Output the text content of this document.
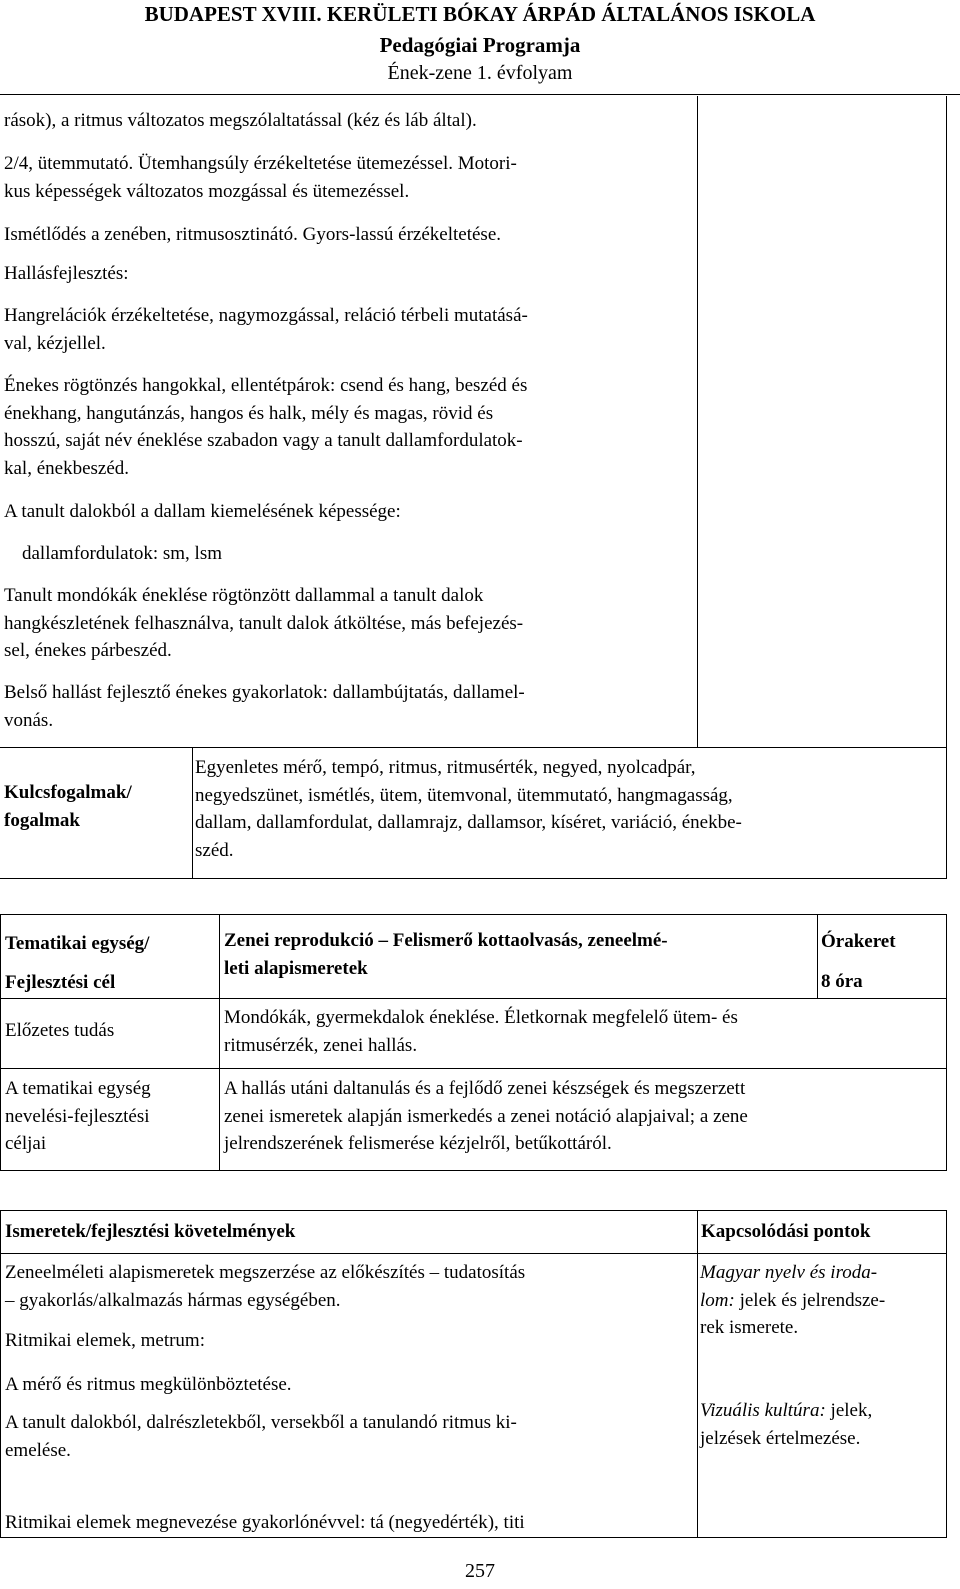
BUDAPEST XVIII. KERÜLETI BÓKAY ÁRPÁD ÁLTALÁNOS ISKOLA
Pedagógiai Programja
Ének-zene 1. évfolyam
rások), a ritmus változatos megszólaltatással (kéz és láb által).

2/4, ütemmutató. Ütemhangsúly érzékeltetése ütemezéssel. Motori-

kus képességek változatos mozgással és ütemezéssel.

Ismétlődés a zenében, ritmusosztinátó. Gyors-lassú érzékeltetése.
Hallásfejlesztés:

Hangrelációk érzékeltetése, nagymozgással, reláció térbeli mutatásá-

val, kézjellel.

Énekes rögtönzés hangokkal, ellentétpárok: csend és hang, beszéd és

énekhang, hangutánzás, hangos és halk, mély és magas, rövid és

hosszú, saját név éneklése szabadon vagy a tanult dallamfordulatok-

kal, énekbeszéd.

A tanult dalokból a dallam kiemelésének képessége:
dallamfordulatok: sm, lsm

Tanult mondókák éneklése rögtönzött dallammal a tanult dalok

hangkészletének felhasználva, tanult dalok átköltése, más befejezés-

sel, énekes párbeszéd.

Belső hallást fejlesztő énekes gyakorlatok: dallambújtatás, dallamel-

vonás.

Kulcsfogalmak/

fogalmak

Egyenletes mérő, tempó, ritmus, ritmusérték, negyed, nyolcadpár,

negyedszünet, ismétlés, ütem, ütemvonal, ütemmutató, hangmagasság,

dallam, dallamfordulat, dallamrajz, dallamsor, kíséret, variáció, énekbe-

széd.

Tematikai egység/

Fejlesztési cél

Zenei reprodukció – Felismerő kottaolvasás, zeneelmé-

leti alapismeretek

Órakeret

8 óra

Előzetes tudás

Mondókák, gyermekdalok éneklése. Életkornak megfelelő ütem- és

ritmusérzék, zenei hallás.

A tematikai egység

nevelési-fejlesztési

céljai

A hallás utáni daltanulás és a fejlődő zenei készségek és megszerzett

zenei ismeretek alapján ismerkedés a zenei notáció alapjaival; a zene

jelrendszerének felismerése kézjelről, betűkottáról.

Ismeretek/fejlesztési követelmények	Kapcsolódási pontok

Zeneelméleti alapismeretek megszerzése az előkészítés – tudatosítás

– gyakorlás/alkalmazás hármas egységében.

Ritmikai elemek, metrum:
A mérő és ritmus megkülönböztetése.

A tanult dalokból, dalrészletekből, versekből a tanulandó ritmus ki-

emelése.

Ritmikai elemek megnevezése gyakorlónévvel: tá (negyedérték), titi

Magyar nyelv és iroda-

lom: jelek és jelrendsze-

rek ismerete.

Vizuális kultúra: jelek,

jelzések értelmezése.

257
